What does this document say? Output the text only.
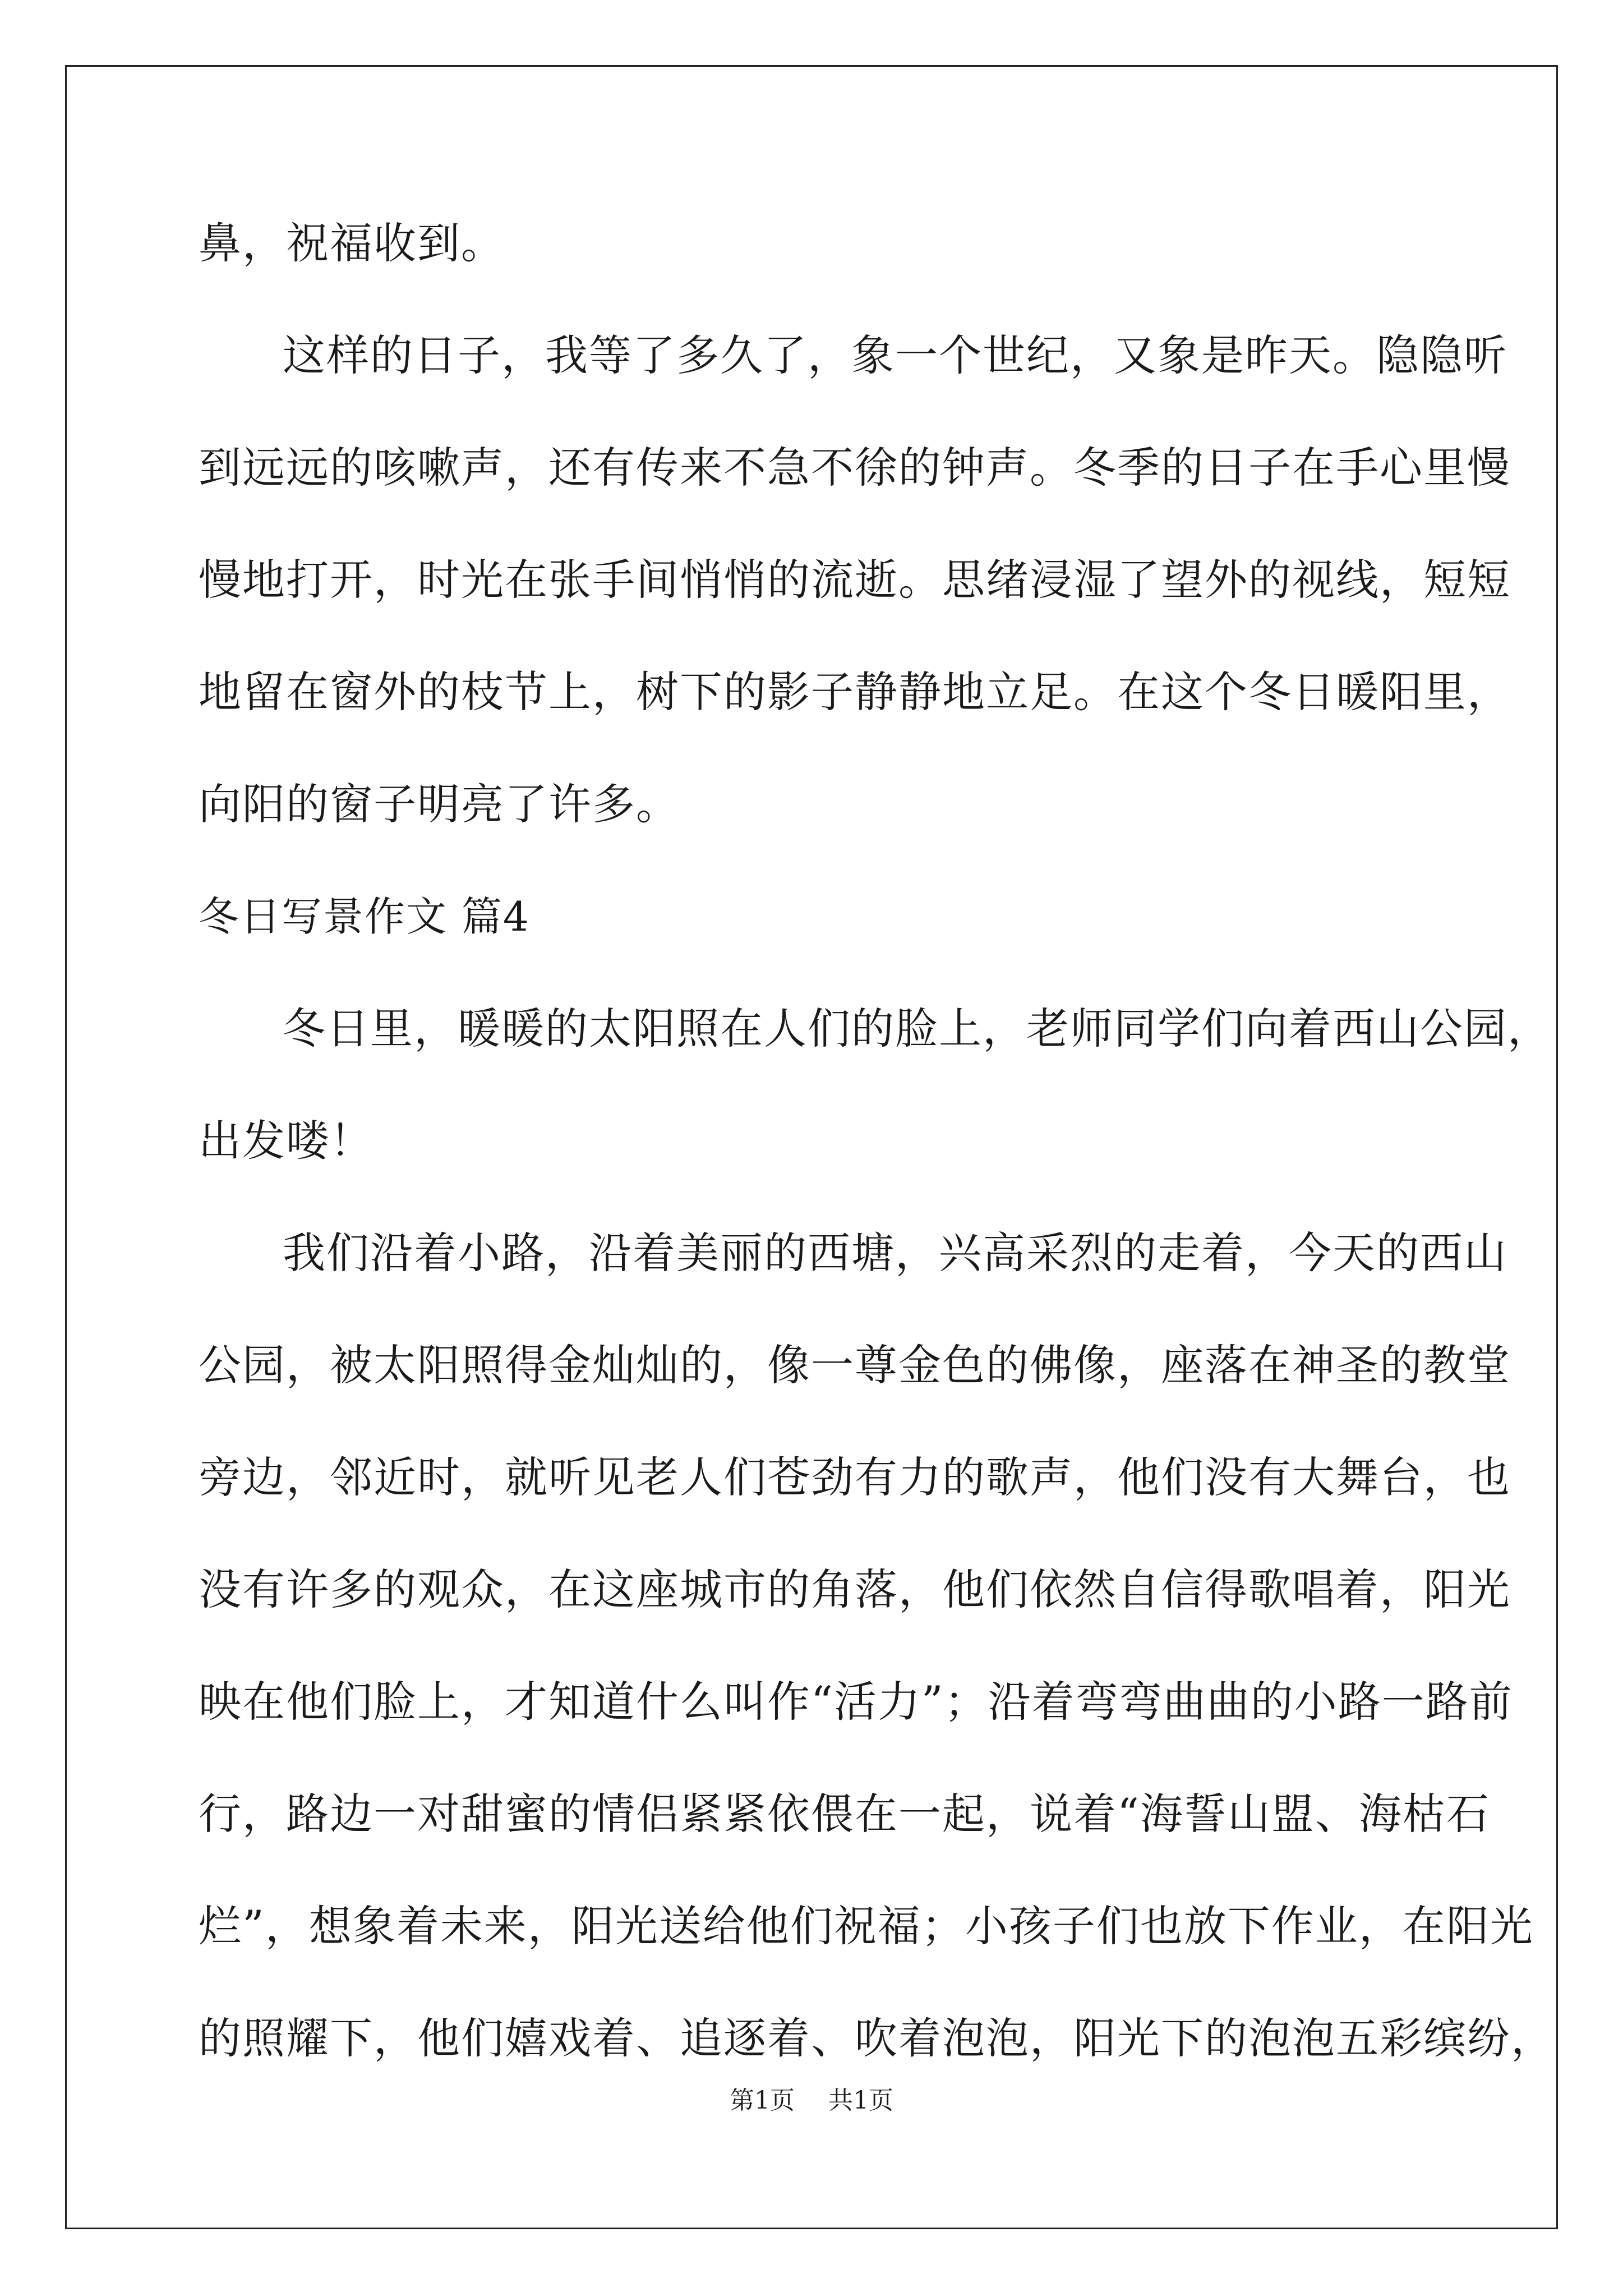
鼻，祝福收到。
这样的日子，我等了多久了，象一个世纪，又象是昨天。隐隐听
到远远的咳嗽声，还有传来不急不徐的钟声。冬季的日子在手心里慢
慢地打开，时光在张手间悄悄的流逝。思绪浸湿了望外的视线，短短
地留在窗外的枝节上，树下的影子静静地立足。在这个冬日暖阳里，
向阳的窗子明亮了许多。
冬日写景作文 篇4
冬日里，暖暖的太阳照在人们的脸上，老师同学们向着西山公园，
出发喽！
我们沿着小路，沿着美丽的西塘，兴高采烈的走着，今天的西山
公园，被太阳照得金灿灿的，像一尊金色的佛像，座落在神圣的教堂
旁边，邻近时，就听见老人们苍劲有力的歌声，他们没有大舞台，也
没有许多的观众，在这座城市的角落，他们依然自信得歌唱着，阳光
映在他们脸上，才知道什么叫作“活力”；沿着弯弯曲曲的小路一路前
行，路边一对甜蜜的情侣紧紧依偎在一起，说着“海誓山盟、海枯石
烂”，想象着未来，阳光送给他们祝福；小孩子们也放下作业，在阳光
的照耀下，他们嬉戏着、追逐着、吹着泡泡，阳光下的泡泡五彩缤纷，
第1页 共1页
